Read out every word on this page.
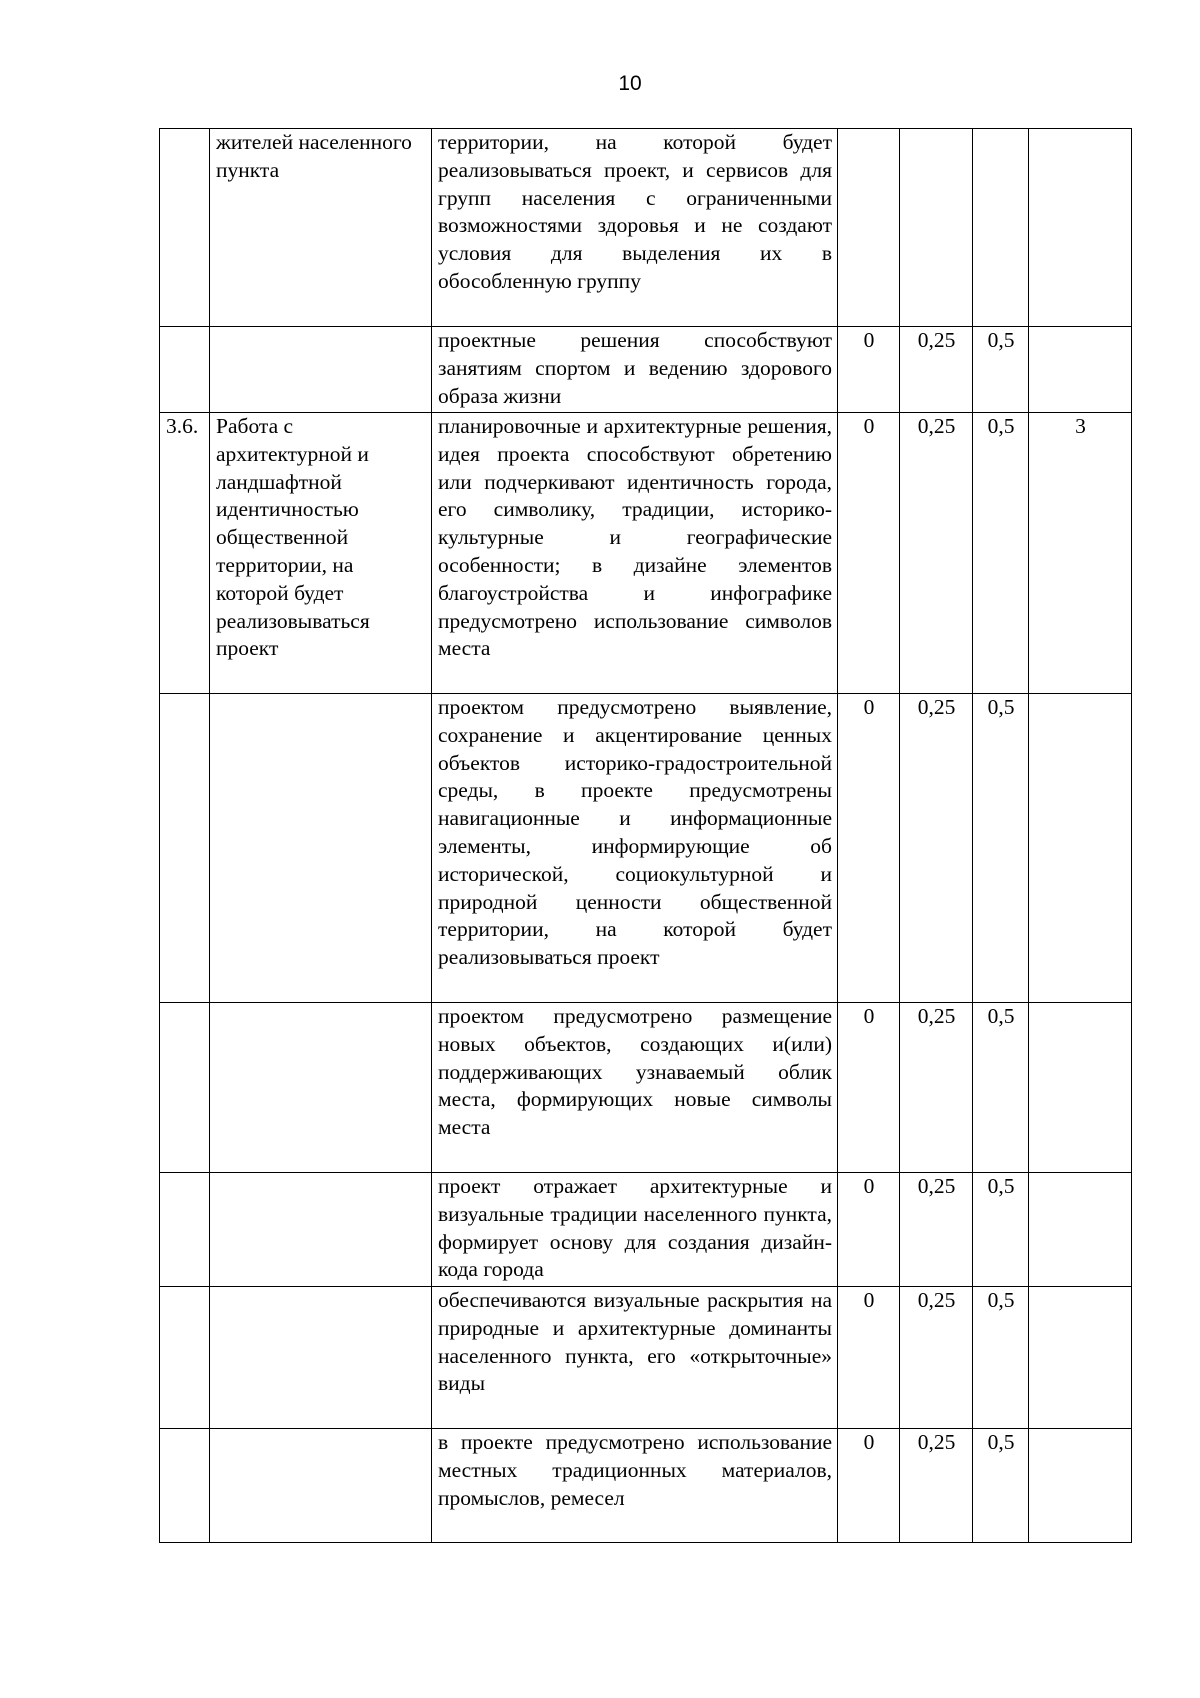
10
	жителей населенного пункта	территории, на которой будет реализовываться проект, и сервисов для групп населения с ограниченными возможностями здоровья и не создают условия для выделения их в обособленную группу				
		проектные решения способствуют занятиям спортом и ведению здорового образа жизни	0	0,25	0,5	
3.6.	Работа с архитектурной и ландшафтной идентичностью общественной территории, на которой будет реализовываться проект	планировочные и архитектурные решения, идея проекта способствуют обретению или подчеркивают идентичность города, его символику, традиции, историко-культурные и географические особенности; в дизайне элементов благоустройства и инфографике предусмотрено использование символов места	0	0,25	0,5	3
		проектом предусмотрено выявление, сохранение и акцентирование ценных объектов историко-градостроительной среды, в проекте предусмотрены навигационные и информационные элементы, информирующие об исторической, социокультурной и природной ценности общественной территории, на которой будет реализовываться проект	0	0,25	0,5	
		проектом предусмотрено размещение новых объектов, создающих и(или) поддерживающих узнаваемый облик места, формирующих новые символы места	0	0,25	0,5	
		проект отражает архитектурные и визуальные традиции населенного пункта, формирует основу для создания дизайн-кода города	0	0,25	0,5	
		обеспечиваются визуальные раскрытия на природные и архитектурные доминанты населенного пункта, его «открыточные» виды	0	0,25	0,5	
		в проекте предусмотрено использование местных традиционных материалов, промыслов, ремесел	0	0,25	0,5	
